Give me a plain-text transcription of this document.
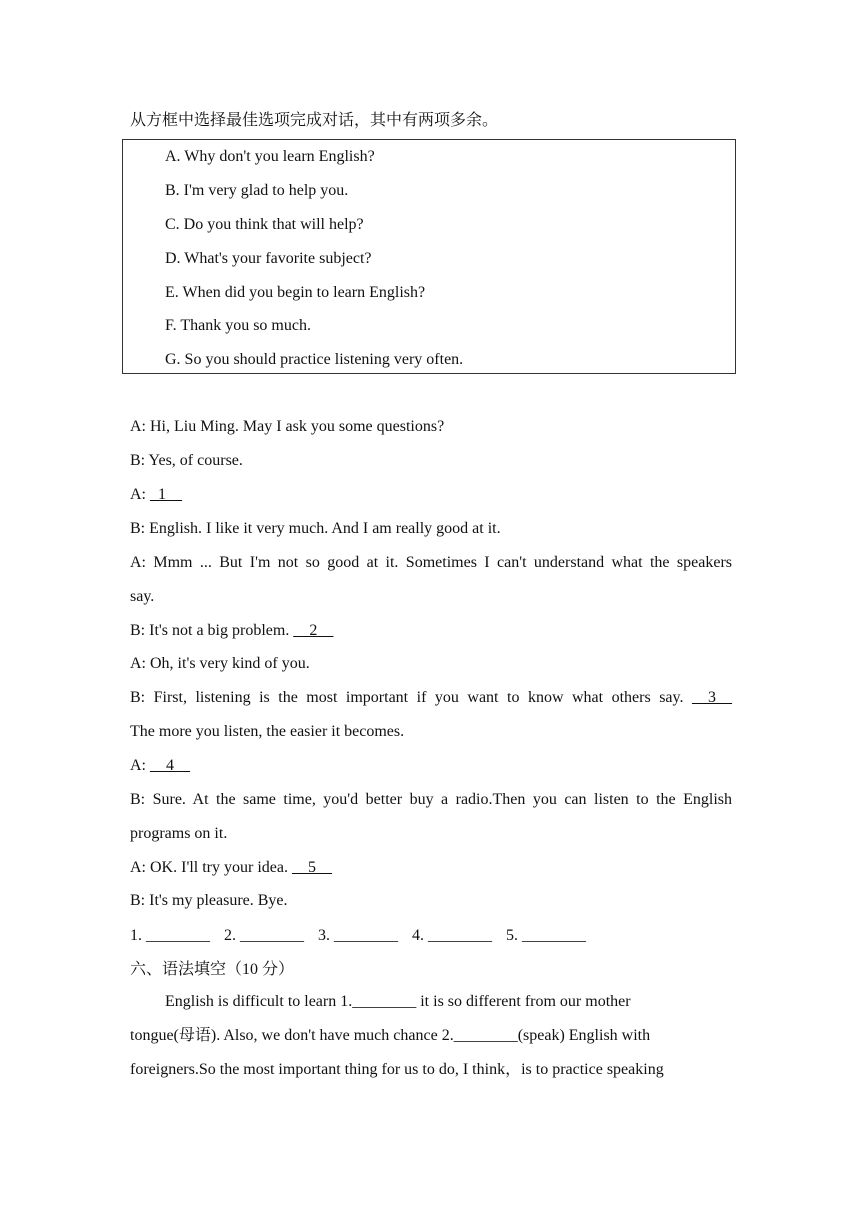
从方框中选择最佳选项完成对话，其中有两项多余。
A. Why don't you learn English?
B. I'm very glad to help you.
C. Do you think that will help?
D. What's your favorite subject?
E. When did you begin to learn English?
F. Thank you so much.
G. So you should practice listening very often.
A: Hi, Liu Ming. May I ask you some questions?
B: Yes, of course.
A: _1__
B: English. I like it very much. And I am really good at it.
A: Mmm ... But I'm not so good at it. Sometimes I can't understand what the speakers
say.
B: It's not a big problem. __2__
A: Oh, it's very kind of you.
B: First, listening is the most important if you want to know what others say. __3__
The more you listen, the easier it becomes.
A: __4__
B: Sure. At the same time, you'd better buy a radio.Then you can listen to the English
programs on it.
A: OK. I'll try your idea. __5__
B: It's my pleasure. Bye.
1. ________ 2. ________ 3. ________ 4. ________ 5. ________
六、语法填空（10 分）
English is difficult to learn 1.________ it is so different from our mother
tongue(母语). Also, we don't have much chance 2.________(speak) English with
foreigners.So the most important thing for us to do, I think，is to practice speaking
